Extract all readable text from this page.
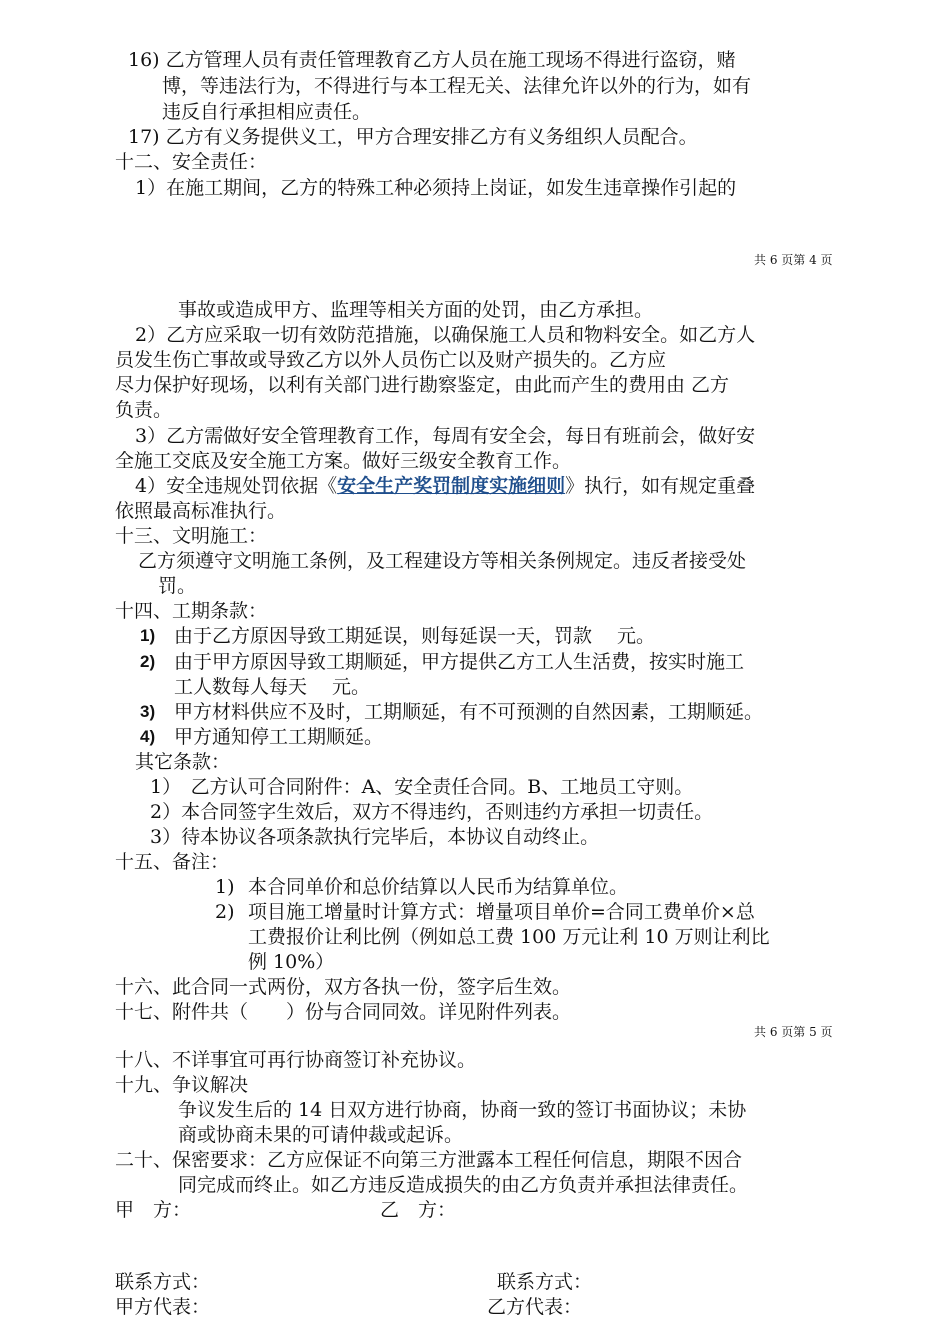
16) 乙方管理人员有责任管理教育乙方人员在施工现场不得进行盗窃，赌
博，等违法行为，不得进行与本工程无关、法律允许以外的行为，如有
违反自行承担相应责任。
17) 乙方有义务提供义工，甲方合理安排乙方有义务组织人员配合。
十二、安全责任：
1）在施工期间，乙方的特殊工种必须持上岗证，如发生违章操作引起的
共 6 页第 4 页
事故或造成甲方、监理等相关方面的处罚，由乙方承担。
2）乙方应采取一切有效防范措施，以确保施工人员和物料安全。如乙方人
员发生伤亡事故或导致乙方以外人员伤亡以及财产损失的。乙方应
尽力保护好现场，以利有关部门进行勘察鉴定，由此而产生的费用由 乙方
负责。
3）乙方需做好安全管理教育工作，每周有安全会，每日有班前会，做好安
全施工交底及安全施工方案。做好三级安全教育工作。
4）安全违规处罚依据《安全生产奖罚制度实施细则》执行，如有规定重叠
依照最高标准执行。
十三、文明施工：
乙方须遵守文明施工条例，及工程建设方等相关条例规定。违反者接受处
罚。
十四、工期条款：
1) 由于乙方原因导致工期延误，则每延误一天，罚款　 元。
2) 由于甲方原因导致工期顺延，甲方提供乙方工人生活费，按实时施工
工人数每人每天　 元。
3) 甲方材料供应不及时，工期顺延，有不可预测的自然因素，工期顺延。
4) 甲方通知停工工期顺延。
其它条款：
1）　乙方认可合同附件：A、安全责任合同。B、工地员工守则。
2）本合同签字生效后，双方不得违约，否则违约方承担一切责任。
3）待本协议各项条款执行完毕后，本协议自动终止。
十五、备注：
1) 本合同单价和总价结算以人民币为结算单位。
2) 项目施工增量时计算方式：增量项目单价=合同工费单价×总
工费报价让利比例（例如总工费 100 万元让利 10 万则让利比
例 10%）
十六、此合同一式两份，双方各执一份，签字后生效。
十七、附件共（　　）份与合同同效。详见附件列表。
共 6 页第 5 页
十八、不详事宜可再行协商签订补充协议。
十九、争议解决
争议发生后的 14 日双方进行协商，协商一致的签订书面协议；未协
商或协商未果的可请仲裁或起诉。
二十、保密要求：乙方应保证不向第三方泄露本工程任何信息，期限不因合
同完成而终止。如乙方违反造成损失的由乙方负责并承担法律责任。
甲　方：	乙　方：
联系方式：	联系方式：
甲方代表：	乙方代表：
